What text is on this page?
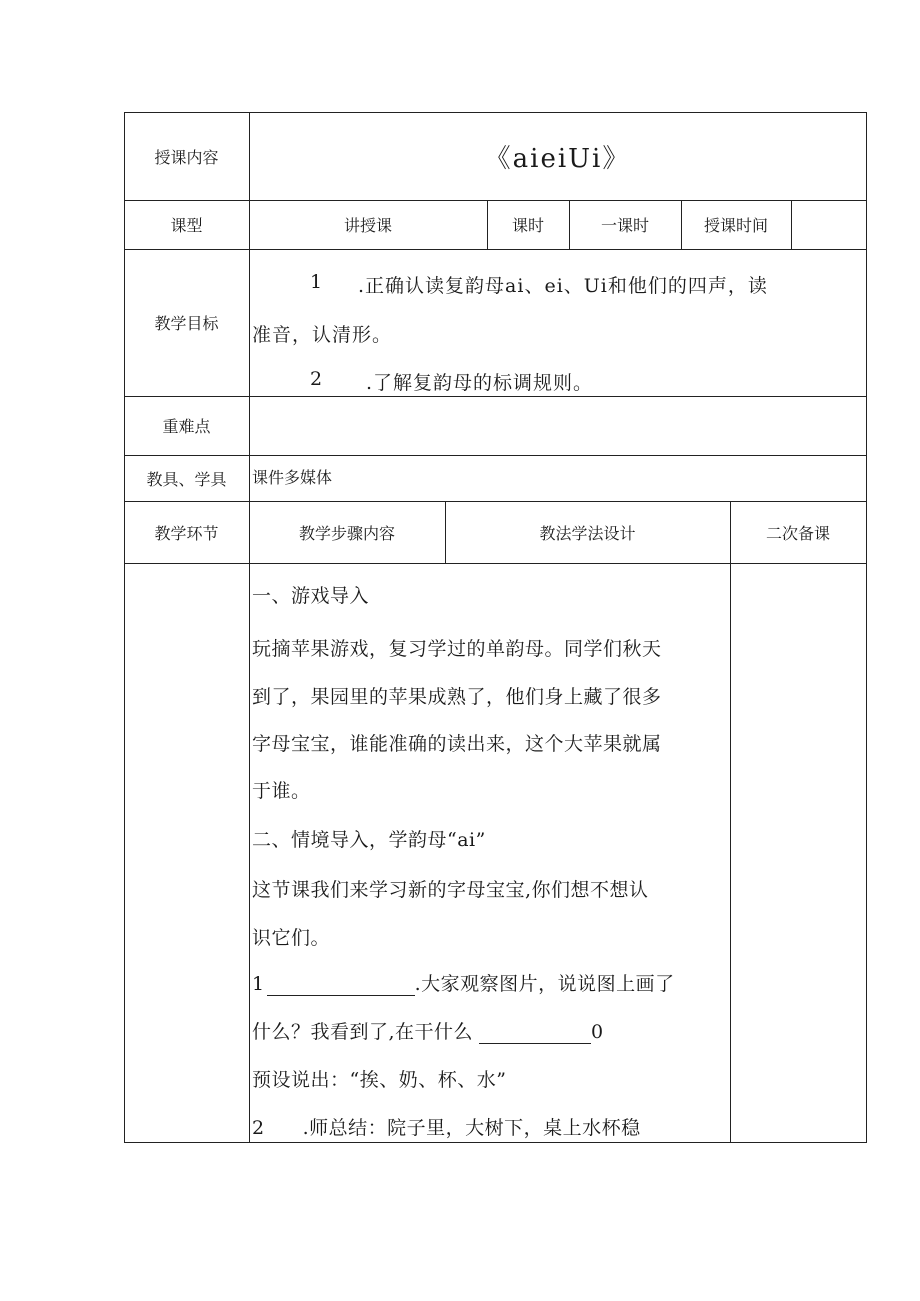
授课内容	《aieiUi》
课型	讲授课	课时	一课时	授课时间
教学目标
1 .正确认读复韵母ai、ei、Ui和他们的四声，读
准音，认清形。
2 .了解复韵母的标调规则。
重难点
教具、学具	课件多媒体
教学环节	教学步骤内容	教法学法设计	二次备课
一、游戏导入
玩摘苹果游戏，复习学过的单韵母。同学们秋天
到了，果园里的苹果成熟了，他们身上藏了很多
字母宝宝，谁能准确的读出来，这个大苹果就属
于谁。
二、情境导入，学韵母“ai”
这节课我们来学习新的字母宝宝,你们想不想认
识它们。
1	.大家观察图片，说说图上画了
什么？我看到了,在干什么	0
预设说出：“挨、奶、杯、水”
2 .师总结：院子里，大树下，桌上水杯稳
